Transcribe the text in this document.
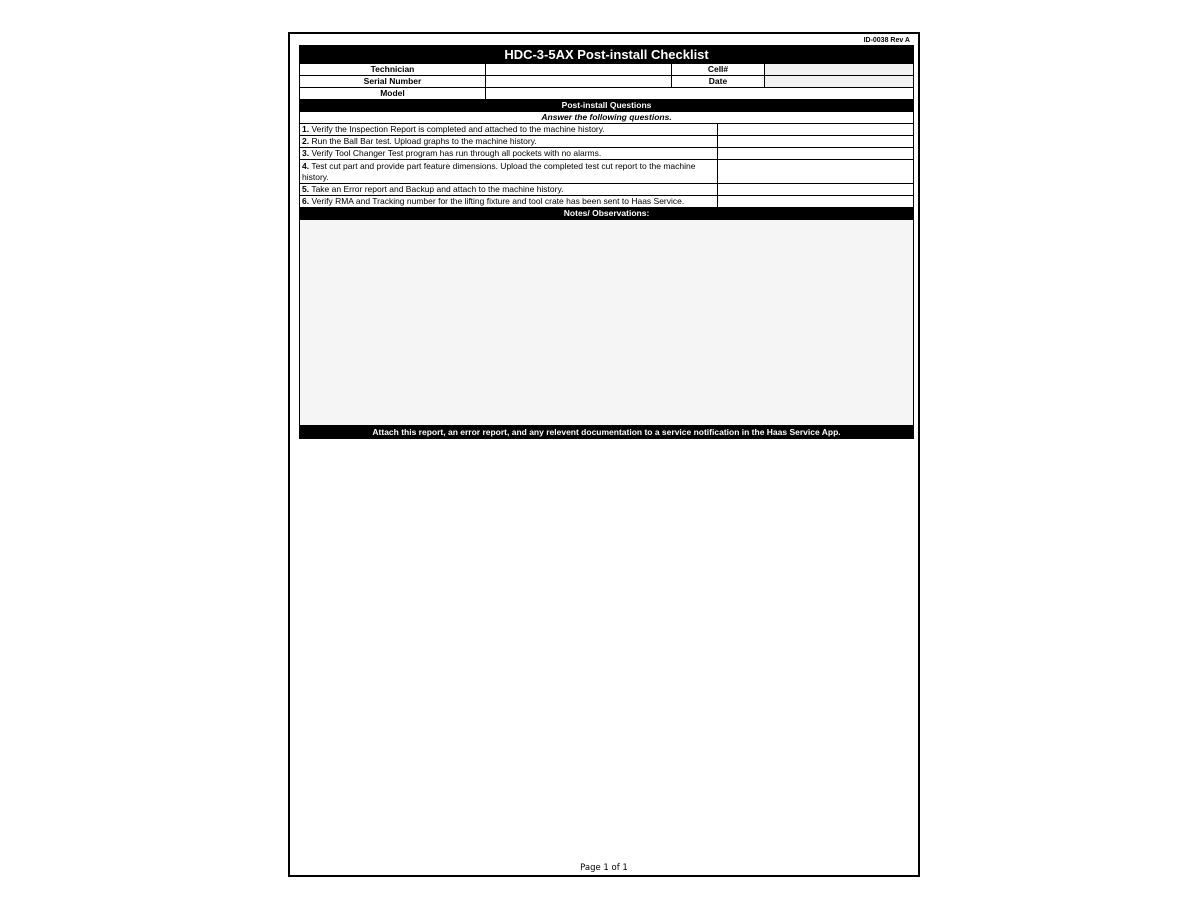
ID-0038 Rev A
HDC-3-5AX Post-install Checklist				
Technician		Cell#		
Serial Number		Date		
Model				
Post-install Questions				
Answer the following questions.				
1. Verify the Inspection Report is completed and attached to the machine history.				
2. Run the Ball Bar test. Upload graphs to the machine history.				
3. Verify Tool Changer Test program has run through all pockets with no alarms.				
4. Test cut part and provide part feature dimensions. Upload the completed test cut report to the machine history.				
5. Take an Error report and Backup and attach to the machine history.				
6. Verify RMA and Tracking number for the lifting fixture and tool crate has been sent to Haas Service.				
Notes/ Observations:				

Attach this report, an error report, and any relevent documentation to a service notification in the Haas Service App.				
Page 1 of 1
